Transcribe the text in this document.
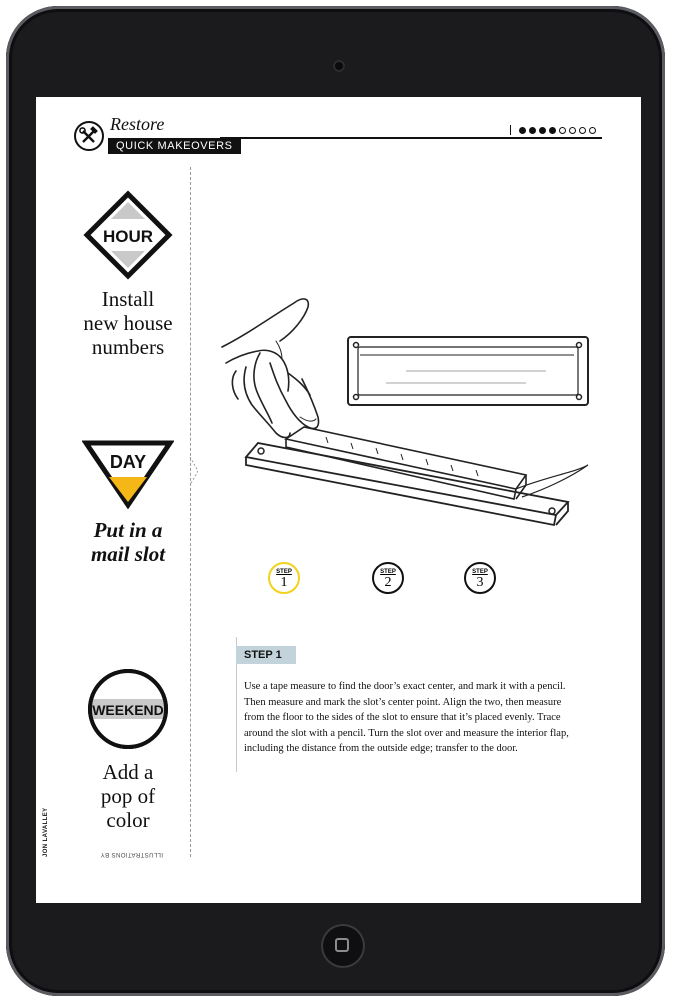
Restore
QUICK MAKEOVERS
HOUR
Install
new house
numbers
DAY
Put in a
mail slot
WEEKEND
Add a
pop of
color
STEP
1
STEP
2
STEP
3
STEP 1
Use a tape measure to find the door’s exact center, and mark it with a pencil. Then measure and mark the slot’s center point. Align the two, then measure from the floor to the sides of the slot to ensure that it’s placed evenly. Trace around the slot with a pencil. Turn the slot over and measure the interior flap, including the distance from the outside edge; transfer to the door.
ILLUSTRATIONS BY
JON LAVALLEY
